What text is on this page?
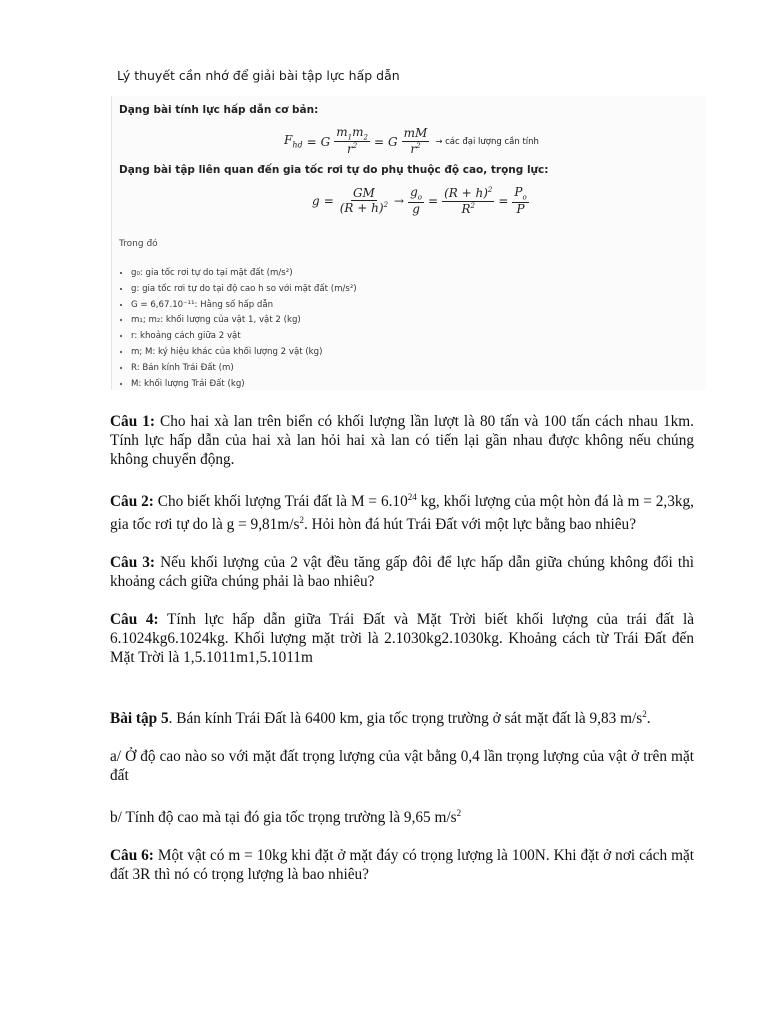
Lý thuyết cần nhớ để giải bài tập lực hấp dẫn
Dạng bài tính lực hấp dẫn cơ bản:
$F_{hd} = G \frac{m_1m_2}{r^2} = G \frac{mM}{r^2}$ → các đại lượng cần tính
Dạng bài tập liên quan đến gia tốc rơi tự do phụ thuộc độ cao, trọng lực:
$g = \frac{GM}{(R + h)^2} \to \frac{g_o}{g} = \frac{(R + h)^2}{R^2} = \frac{P_o}{P}$
Trong đó
• g₀: gia tốc rơi tự do tại mặt đất (m/s²)
• g: gia tốc rơi tự do tại độ cao h so với mặt đất (m/s²)
• G = 6,67.10⁻¹¹: Hằng số hấp dẫn
• m₁; m₂: khối lượng của vật 1, vật 2 (kg)
• r: khoảng cách giữa 2 vật
• m; M: ký hiệu khác của khối lượng 2 vật (kg)
• R: Bán kính Trái Đất (m)
• M: khối lượng Trái Đất (kg)

Câu 1: Cho hai xà lan trên biển có khối lượng lần lượt là 80 tấn và 100 tấn cách nhau 1km. Tính lực hấp dẫn của hai xà lan hỏi hai xà lan có tiến lại gần nhau được không nếu chúng không chuyển động.

Câu 2: Cho biết khối lượng Trái đất là $M = 6.10^{24}$ kg, khối lượng của một hòn đá là m = 2,3kg, gia tốc rơi tự do là $g = 9,81m/s^2$. Hỏi hòn đá hút Trái Đất với một lực bằng bao nhiêu?

Câu 3: Nếu khối lượng của 2 vật đều tăng gấp đôi để lực hấp dẫn giữa chúng không đổi thì khoảng cách giữa chúng phải là bao nhiêu?

Câu 4: Tính lực hấp dẫn giữa Trái Đất và Mặt Trời biết khối lượng của trái đất là 6.1024kg6.1024kg. Khối lượng mặt trời là 2.1030kg2.1030kg. Khoảng cách từ Trái Đất đến Mặt Trời là 1,5.1011m1,5.1011m

Bài tập 5. Bán kính Trái Đất là 6400 km, gia tốc trọng trường ở sát mặt đất là 9,83 $m/s^2$.

a/ Ở độ cao nào so với mặt đất trọng lượng của vật bằng 0,4 lần trọng lượng của vật ở trên mặt đất

b/ Tính độ cao mà tại đó gia tốc trọng trường là 9,65 $m/s^2$

Câu 6: Một vật có m = 10kg khi đặt ở mặt đáy có trọng lượng là 100N. Khi đặt ở nơi cách mặt đất 3R thì nó có trọng lượng là bao nhiêu?
